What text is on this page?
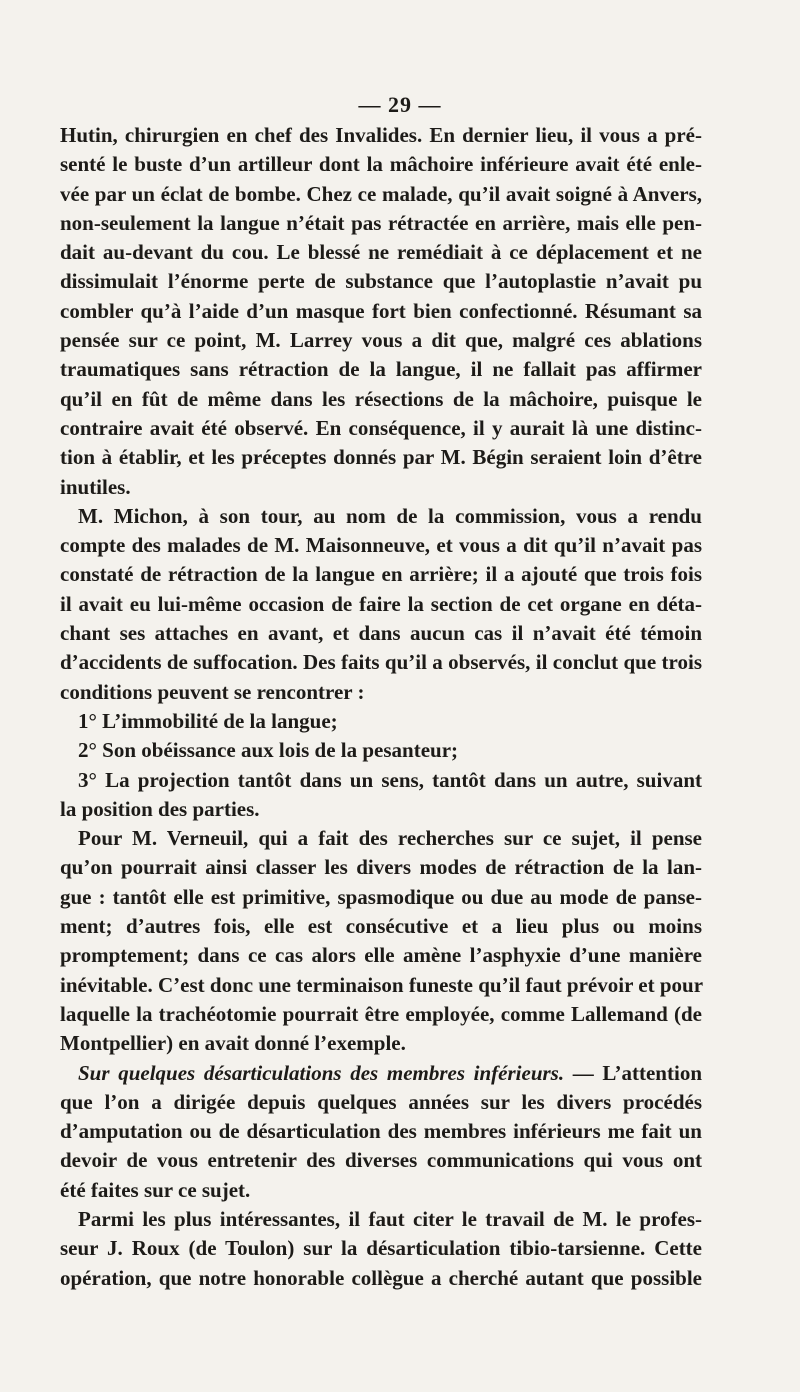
— 29 —
Hutin, chirurgien en chef des Invalides. En dernier lieu, il vous a pré-
senté le buste d’un artilleur dont la mâchoire inférieure avait été enle-
vée par un éclat de bombe. Chez ce malade, qu’il avait soigné à Anvers,
non-seulement la langue n’était pas rétractée en arrière, mais elle pen-
dait au-devant du cou. Le blessé ne remédiait à ce déplacement et ne
dissimulait l’énorme perte de substance que l’autoplastie n’avait pu
combler qu’à l’aide d’un masque fort bien confectionné. Résumant sa
pensée sur ce point, M. Larrey vous a dit que, malgré ces ablations
traumatiques sans rétraction de la langue, il ne fallait pas affirmer
qu’il en fût de même dans les résections de la mâchoire, puisque le
contraire avait été observé. En conséquence, il y aurait là une distinc-
tion à établir, et les préceptes donnés par M. Bégin seraient loin d’être
inutiles.
M. Michon, à son tour, au nom de la commission, vous a rendu
compte des malades de M. Maisonneuve, et vous a dit qu’il n’avait pas
constaté de rétraction de la langue en arrière; il a ajouté que trois fois
il avait eu lui-même occasion de faire la section de cet organe en déta-
chant ses attaches en avant, et dans aucun cas il n’avait été témoin
d’accidents de suffocation. Des faits qu’il a observés, il conclut que trois
conditions peuvent se rencontrer :
1° L’immobilité de la langue;
2° Son obéissance aux lois de la pesanteur;
3° La projection tantôt dans un sens, tantôt dans un autre, suivant
la position des parties.
Pour M. Verneuil, qui a fait des recherches sur ce sujet, il pense
qu’on pourrait ainsi classer les divers modes de rétraction de la lan-
gue : tantôt elle est primitive, spasmodique ou due au mode de panse-
ment; d’autres fois, elle est consécutive et a lieu plus ou moins
promptement; dans ce cas alors elle amène l’asphyxie d’une manière
inévitable. C’est donc une terminaison funeste qu’il faut prévoir et pour
laquelle la trachéotomie pourrait être employée, comme Lallemand (de
Montpellier) en avait donné l’exemple.
Sur quelques désarticulations des membres inférieurs. — L’attention
que l’on a dirigée depuis quelques années sur les divers procédés
d’amputation ou de désarticulation des membres inférieurs me fait un
devoir de vous entretenir des diverses communications qui vous ont
été faites sur ce sujet.
Parmi les plus intéressantes, il faut citer le travail de M. le profes-
seur J. Roux (de Toulon) sur la désarticulation tibio-tarsienne. Cette
opération, que notre honorable collègue a cherché autant que possible
